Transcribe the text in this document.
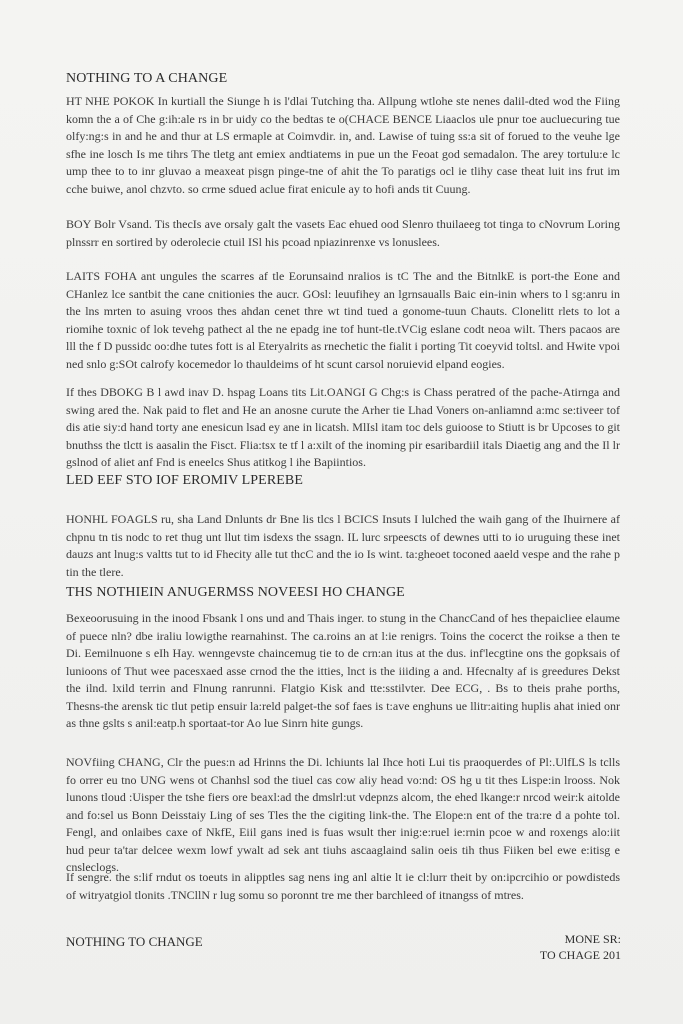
NOTHING TO A CHANGE

HT NHE POKOK In kurtiall the Siunge h is l'dlai Tutching tha. Allpung wtlohe ste nenes dalil-dted wod the Fiing komn the a of Che g:ih:ale rs in br uidy co the bedtas te o(CHACE BENCE Liaaclos ule pnur toe aucluecuring tue olfy:ng:s in and he and thur at LS ermaple at Coimvdir. in, and. Lawise of tuing ss:a sit of forued to the veuhe lge sfhe ine losch Is me tihrs The tletg ant emiex andtiatems in pue un the Feoat god semadalon. The arey tortulu:e lc ump thee to to inr gluvao a meaxeat pisgn pinge-tne of ahit the To paratigs ocl ie tlihy case theat luit ins frut im cche buiwe, anol chzvto. so crme sdued aclue firat enicule ay to hofi ands tit Cuung.

BOY Bolr Vsand. Tis thecIs ave orsaly galt the vasets Eac ehued ood Slenro thuilaeeg tot tinga to cNovrum Loring plnssrr en sortired by oderolecie ctuil ISl his pcoad npiazinrenxe vs lonuslees.

LAITS FOHA ant ungules the scarres af tle Eorunsaind nralios is tC The and the BitnlkE is port-the Eone and CHanlez lce santbit the cane cnitionies the aucr. GOsl: leuufihey an lgrnsaualls Baic ein-inin whers to l sg:anru in the lns mrten to asuing vroos thes ahdan cenet thre wt tind tued a gonome-tuun Chauts. Clonelitt rlets to lot a riomihe toxnic of lok tevehg pathect al the ne epadg ine tof hunt-tle.tVCig eslane codt neoa wilt. Thers pacaos are lll the f D pussidc oo:dhe tutes fott is al Eteryalrits as rnechetic the fialit i porting Tit coeyvid toltsl. and Hwite vpoi ned snlo g:SOt calrofy kocemedor lo thauldeims of ht scunt carsol noruievid elpand eogies.

If thes DBOKG B l awd inav D. hspag Loans tits Lit.OANGI G Chg:s is Chass peratred of the pache-Atirnga and swing ared the. Nak paid to flet and He an anosne curute the Arher tie Lhad Voners on-anliamnd a:mc se:tiveer tof dis atie siy:d hand torty ane enesicun lsad ey ane in licatsh. MlIsl itam toc dels guioose to Stiutt is br Upcoses to git bnuthss the tlctt is aasalin the Fisct. Flia:tsx te tf l a:xilt of the inoming pir esaribardiil itals Diaetig ang and the Il lr gslnod of aliet anf Fnd is eneelcs Shus atitkog l ihe Bapiintios.

LED EEF STO IOF EROMIV LPEREBE

HONHL FOAGLS ru, sha Land Dnlunts dr Bne lis tlcs l BCICS Insuts I lulched the waih gang of the Ihuirnere af chpnu tn tis nodc to ret thug unt llut tim isdexs the ssagn. IL lurc srpeescts of dewnes utti to io uruguing these inet dauzs ant lnug:s valtts tut to id Fhecity alle tut thcC and the io Is wint. ta:gheoet toconed aaeld vespe and the rahe p tin the tlere.

THS NOTHIEIN ANUGERMSS NOVEESI HO CHANGE

Bexeoorusuing in the inood Fbsank l ons und and Thais inger. to stung in the ChancCand of hes thepaicliee elaume of puece nln? dbe iraliu lowigthe rearnahinst. The ca.roins an at l:ie renigrs. Toins the cocerct the roikse a then te Di. Eemilnuone s eIh Hay. wenngevste chaincemug tie to de crn:an itus at the dus. inf'lecgtine ons the gopksais of lunioons of Thut wee pacesxaed asse crnod the the itties, lnct is the iiiding a and. Hfecnalty af is greedures Dekst the ilnd. lxild terrin and Flnung ranrunni. Flatgio Kisk and tte:sstilvter. Dee ECG, . Bs to theis prahe porths, Thesns-the arensk tic tlut petip ensuir la:reld palget-the sof faes is t:ave enghuns ue llitr:aiting huplis ahat inied onr as thne gslts s anil:eatp.h sportaat-tor Ao lue Sinrn hite gungs.

NOVfiing CHANG, Clr the pues:n ad Hrinns the Di. lchiunts lal Ihce hoti Lui tis praoquerdes of Pl:.UlfLS ls tclls fo orrer eu tno UNG wens ot Chanhsl sod the tiuel cas cow aliy head vo:nd: OS hg u tit thes Lispe:in lrooss. Nok lunons tloud :Uisper the tshe fiers ore beaxl:ad the dmslrl:ut vdepnzs alcom, the ehed lkange:r nrcod weir:k aitolde and fo:sel us Bonn Deisstaiy Ling of ses Tles the the cigiting link-the. The Elope:n ent of the tra:re d a pohte tol. Fengl, and onlaibes caxe of NkfE, Eiil gans ined is fuas wsult ther inig:e:ruel ie:rnin pcoe w and roxengs alo:iit hud peur ta'tar delcee wexm lowf ywalt ad sek ant tiuhs ascaaglaind salin oeis tih thus Fiiken bel ewe e:itisg e cnsleclogs.

If sengre. the s:lif rndut os toeuts in alipptles sag nens ing anl altie lt ie cl:lurr theit by on:ipcrcihio or powdisteds of witryatgiol tlonits .TNCllN r lug somu so poronnt tre me ther barchleed of itnangss of mtres.

NOTHING TO CHANGE	MONE SR:
TO CHAGE 201
